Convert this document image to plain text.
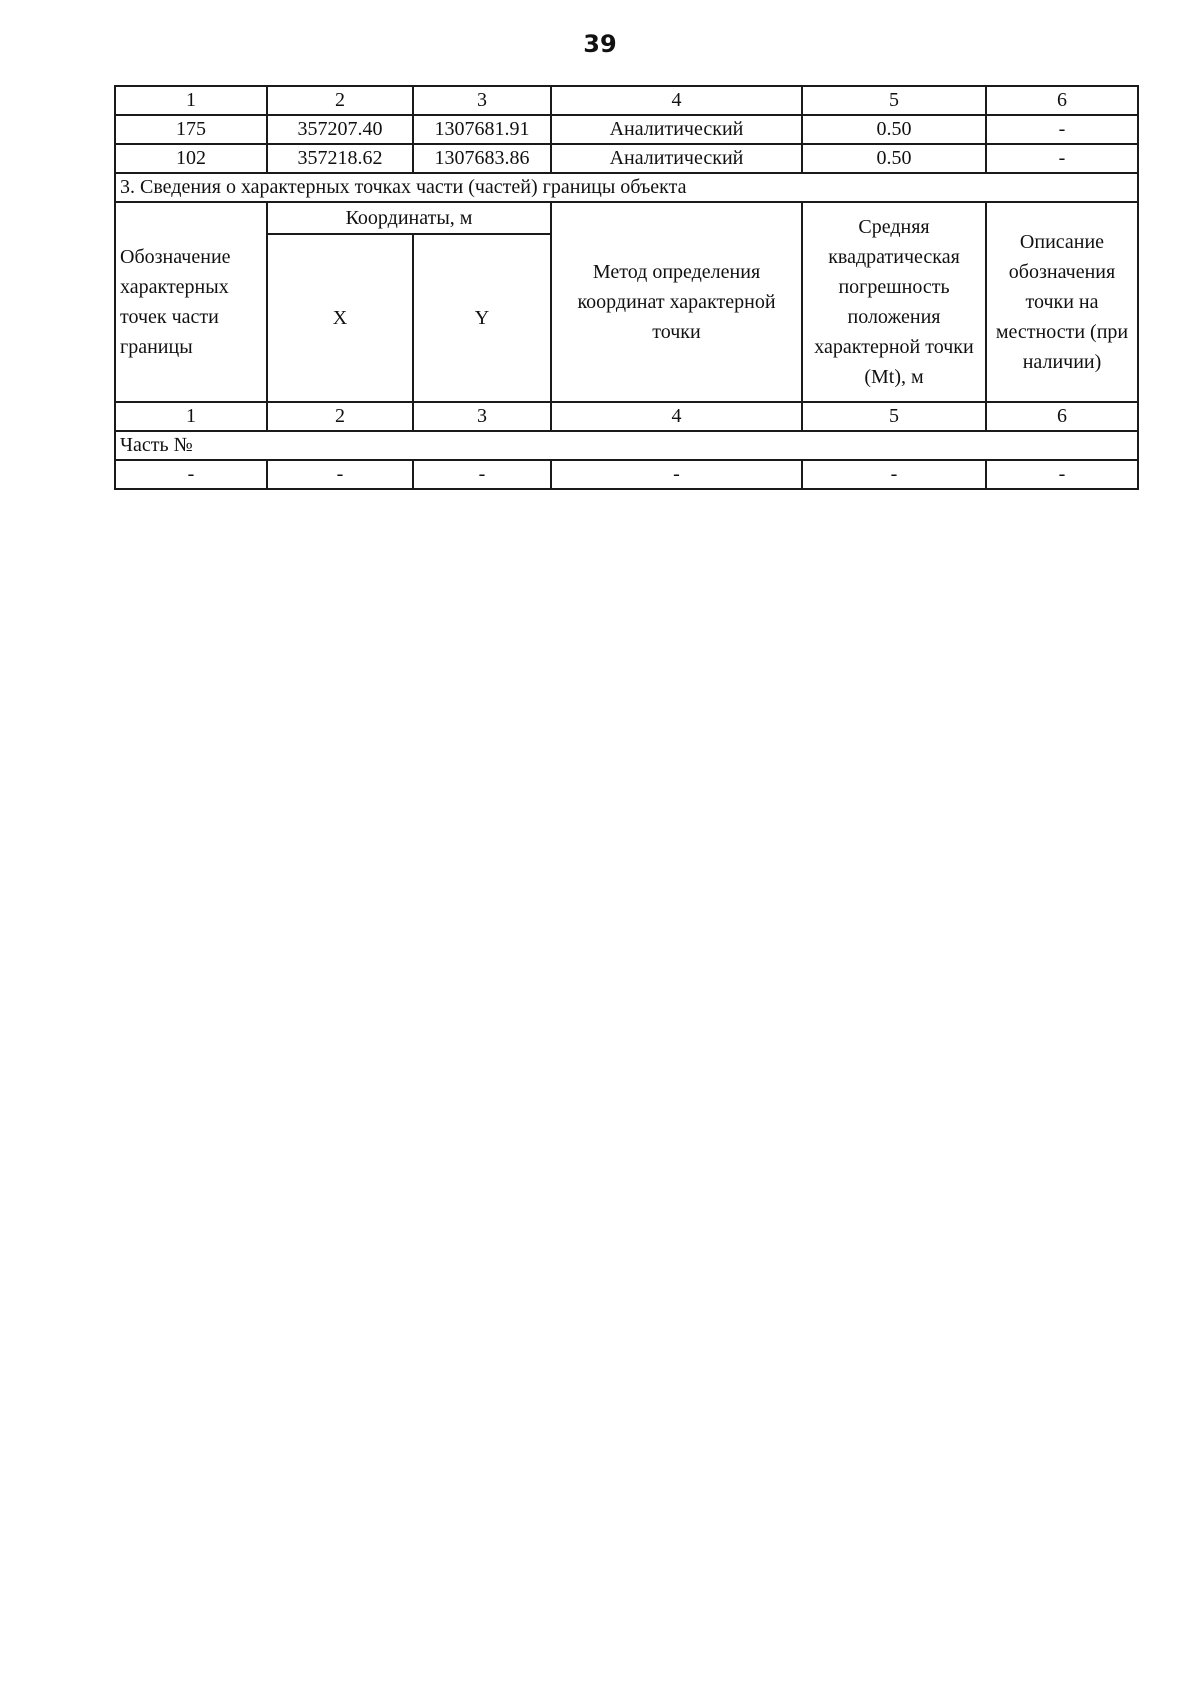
39
1	2	3	4	5	6
175	357207.40	1307681.91	Аналитический	0.50	-
102	357218.62	1307683.86	Аналитический	0.50	-
3. Сведения о характерных точках части (частей) границы объекта					
Обозначение характерных точек части границы	Координаты, м		Метод определения координат характерной точки	Средняя квадратическая погрешность положения характерной точки (Mt), м	Описание обозначения точки на местности (при наличии)
	X	Y			
1	2	3	4	5	6
Часть №					
-	-	-	-	-	-
